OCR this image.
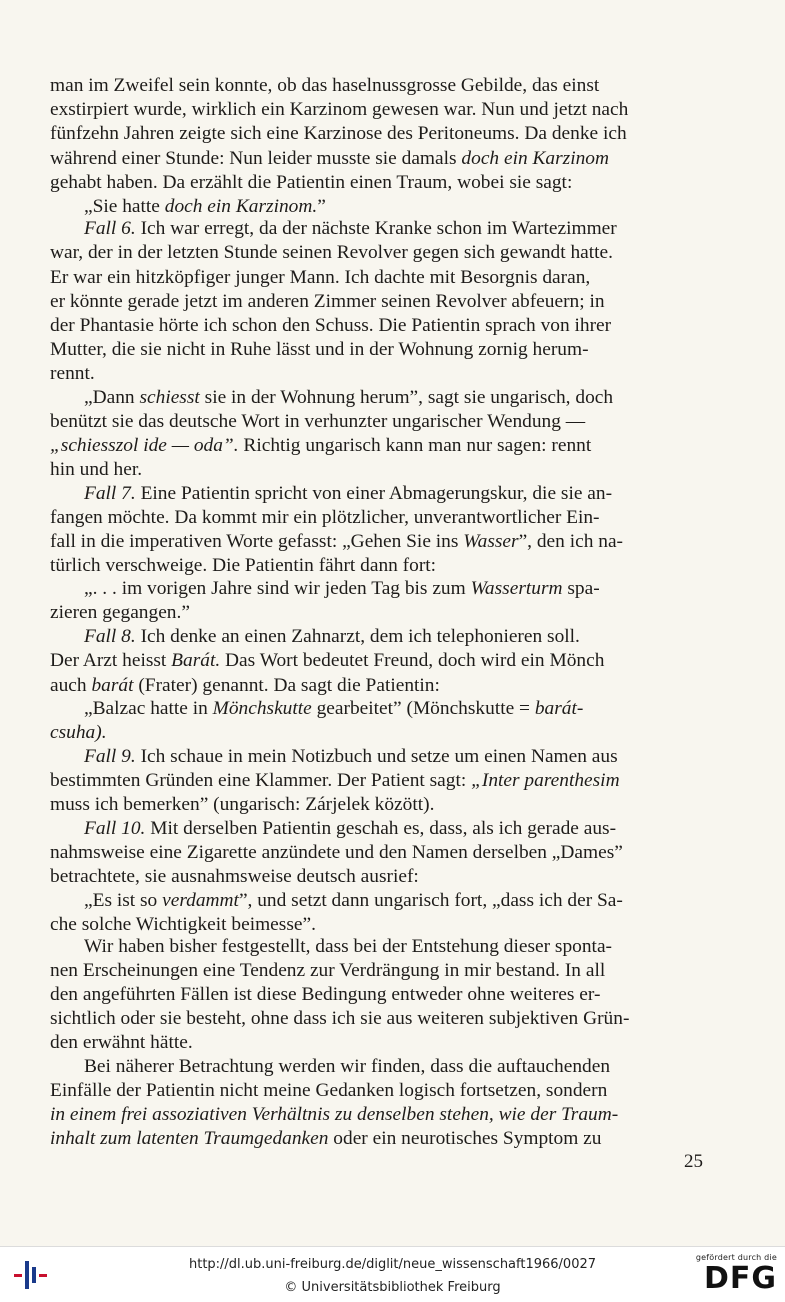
man im Zweifel sein konnte, ob das haselnussgrosse Gebilde, das einst
exstirpiert wurde, wirklich ein Karzinom gewesen war. Nun und jetzt nach
fünfzehn Jahren zeigte sich eine Karzinose des Peritoneums. Da denke ich
während einer Stunde: Nun leider musste sie damals doch ein Karzinom
gehabt haben. Da erzählt die Patientin einen Traum, wobei sie sagt:
„Sie hatte doch ein Karzinom.”
Fall 6. Ich war erregt, da der nächste Kranke schon im Wartezimmer
war, der in der letzten Stunde seinen Revolver gegen sich gewandt hatte.
Er war ein hitzköpfiger junger Mann. Ich dachte mit Besorgnis daran,
er könnte gerade jetzt im anderen Zimmer seinen Revolver abfeuern; in
der Phantasie hörte ich schon den Schuss. Die Patientin sprach von ihrer
Mutter, die sie nicht in Ruhe lässt und in der Wohnung zornig herum-
rennt.
„Dann schiesst sie in der Wohnung herum”, sagt sie ungarisch, doch
benützt sie das deutsche Wort in verhunzter ungarischer Wendung —
„schiesszol ide — oda”. Richtig ungarisch kann man nur sagen: rennt
hin und her.
Fall 7. Eine Patientin spricht von einer Abmagerungskur, die sie an-
fangen möchte. Da kommt mir ein plötzlicher, unverantwortlicher Ein-
fall in die imperativen Worte gefasst: „Gehen Sie ins Wasser”, den ich na-
türlich verschweige. Die Patientin fährt dann fort:
„. . . im vorigen Jahre sind wir jeden Tag bis zum Wasserturm spa-
zieren gegangen.”
Fall 8. Ich denke an einen Zahnarzt, dem ich telephonieren soll.
Der Arzt heisst Barát. Das Wort bedeutet Freund, doch wird ein Mönch
auch barát (Frater) genannt. Da sagt die Patientin:
„Balzac hatte in Mönchskutte gearbeitet” (Mönchskutte = barát-
csuha).
Fall 9. Ich schaue in mein Notizbuch und setze um einen Namen aus
bestimmten Gründen eine Klammer. Der Patient sagt: „Inter parenthesim
muss ich bemerken” (ungarisch: Zárjelek között).
Fall 10. Mit derselben Patientin geschah es, dass, als ich gerade aus-
nahmsweise eine Zigarette anzündete und den Namen derselben „Dames”
betrachtete, sie ausnahmsweise deutsch ausrief:
„Es ist so verdammt”, und setzt dann ungarisch fort, „dass ich der Sa-
che solche Wichtigkeit beimesse”.
Wir haben bisher festgestellt, dass bei der Entstehung dieser sponta-
nen Erscheinungen eine Tendenz zur Verdrängung in mir bestand. In all
den angeführten Fällen ist diese Bedingung entweder ohne weiteres er-
sichtlich oder sie besteht, ohne dass ich sie aus weiteren subjektiven Grün-
den erwähnt hätte.
Bei näherer Betrachtung werden wir finden, dass die auftauchenden
Einfälle der Patientin nicht meine Gedanken logisch fortsetzen, sondern
in einem frei assoziativen Verhältnis zu denselben stehen, wie der Traum-
inhalt zum latenten Traumgedanken oder ein neurotisches Symptom zu
25
http://dl.ub.uni-freiburg.de/diglit/neue_wissenschaft1966/0027
© Universitätsbibliothek Freiburg
gefördert durch die
DFG
